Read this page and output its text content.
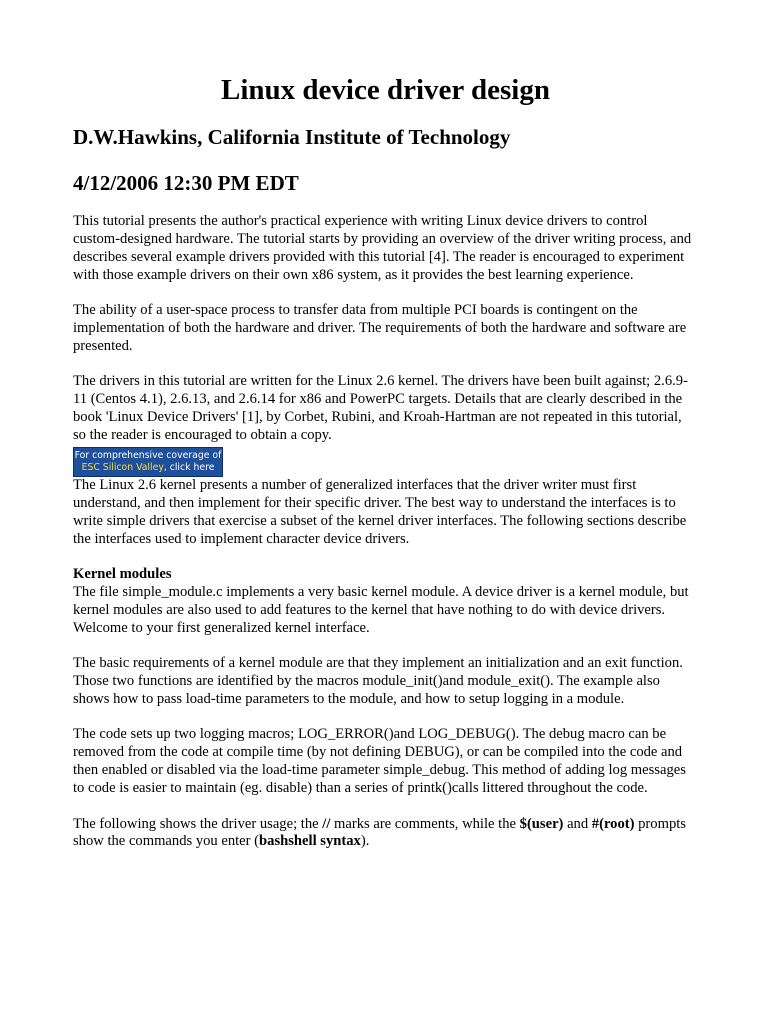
Linux device driver design
D.W.Hawkins, California Institute of Technology
4/12/2006 12:30 PM EDT

This tutorial presents the author's practical experience with writing Linux device drivers to control custom-designed hardware. The tutorial starts by providing an overview of the driver writing process, and describes several example drivers provided with this tutorial [4]. The reader is encouraged to experiment with those example drivers on their own x86 system, as it provides the best learning experience.

The ability of a user-space process to transfer data from multiple PCI boards is contingent on the implementation of both the hardware and driver. The requirements of both the hardware and software are presented.

The drivers in this tutorial are written for the Linux 2.6 kernel. The drivers have been built against; 2.6.9-11 (Centos 4.1), 2.6.13, and 2.6.14 for x86 and PowerPC targets. Details that are clearly described in the book 'Linux Device Drivers' [1], by Corbet, Rubini, and Kroah-Hartman are not repeated in this tutorial, so the reader is encouraged to obtain a copy.

For comprehensive coverage of
ESC Silicon Valley, click here

The Linux 2.6 kernel presents a number of generalized interfaces that the driver writer must first understand, and then implement for their specific driver. The best way to understand the interfaces is to write simple drivers that exercise a subset of the kernel driver interfaces. The following sections describe the interfaces used to implement character device drivers.

Kernel modules

The file simple_module.c implements a very basic kernel module. A device driver is a kernel module, but kernel modules are also used to add features to the kernel that have nothing to do with device drivers. Welcome to your first generalized kernel interface.

The basic requirements of a kernel module are that they implement an initialization and an exit function. Those two functions are identified by the macros module_init()and module_exit(). The example also shows how to pass load-time parameters to the module, and how to setup logging in a module.

The code sets up two logging macros; LOG_ERROR()and LOG_DEBUG(). The debug macro can be removed from the code at compile time (by not defining DEBUG), or can be compiled into the code and then enabled or disabled via the load-time parameter simple_debug. This method of adding log messages to code is easier to maintain (eg. disable) than a series of printk()calls littered throughout the code.

The following shows the driver usage; the // marks are comments, while the $(user) and #(root) prompts show the commands you enter (bashshell syntax).
